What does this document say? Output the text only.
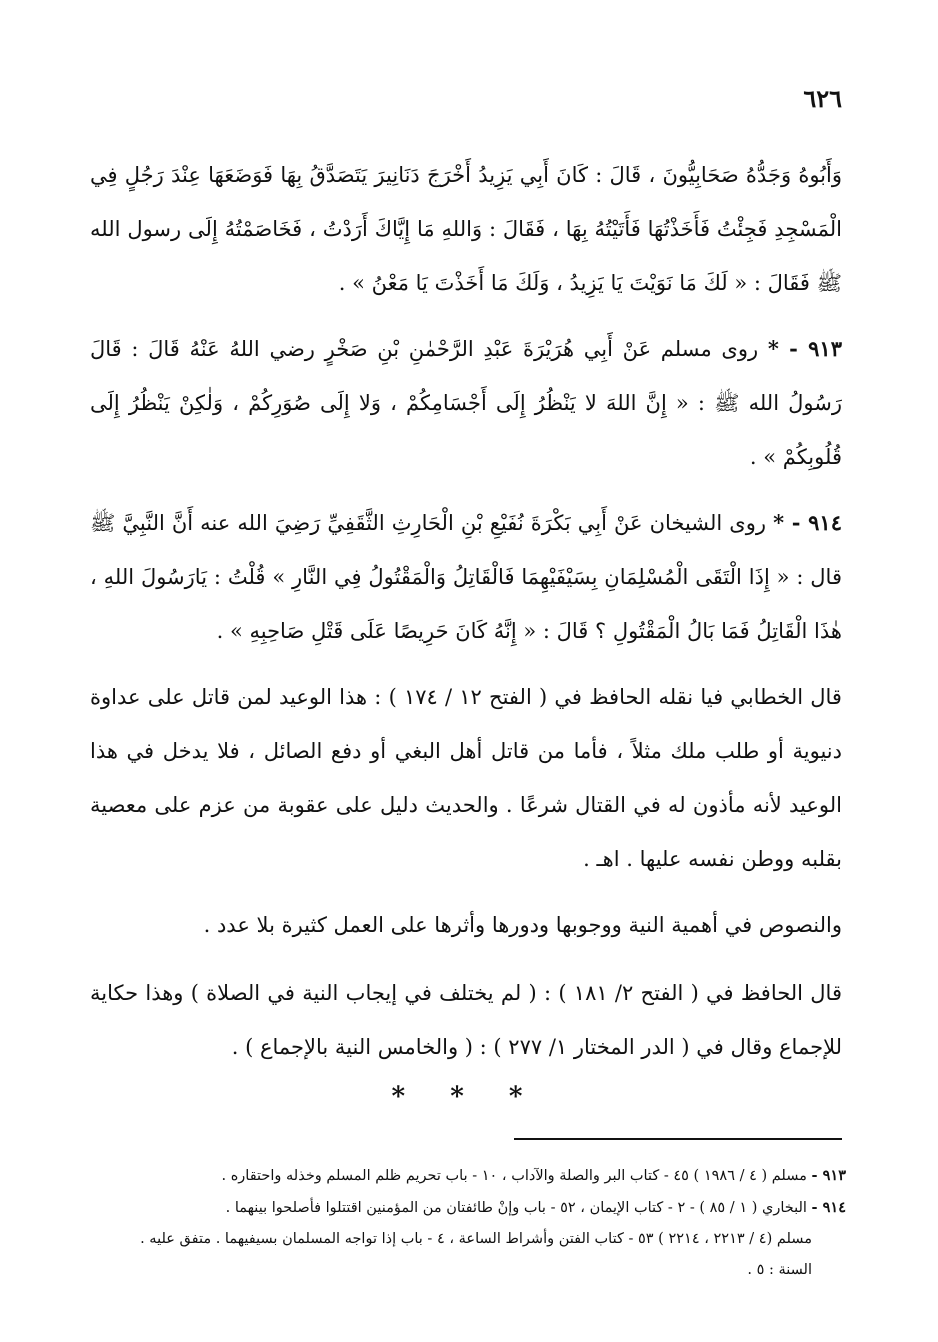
٦٢٦

وَأَبُوهُ وَجَدُّهُ صَحَابِيُّونَ ، قَالَ : كَانَ أَبِي يَزِيدُ أَخْرَجَ دَنَانِيرَ يَتَصَدَّقُ بِهَا فَوَضَعَهَا عِنْدَ رَجُلٍ فِي الْمَسْجِدِ فَجِئْتُ فَأَخَذْتُهَا فَأَتَيْتُهُ بِهَا ، فَقَالَ : وَاللهِ مَا إِيَّاكَ أَرَدْتُ ، فَخَاصَمْتُهُ إِلَى رسول الله ﷺ فَقَالَ : « لَكَ مَا نَوَيْتَ يَا يَزِيدُ ، وَلَكَ مَا أَخَذْتَ يَا مَعْنُ » .

٩١٣ - * روى مسلم عَنْ أَبِي هُرَيْرَةَ عَبْدِ الرَّحْمٰنِ بْنِ صَخْرٍ رضي اللهُ عَنْهُ قَالَ : قَالَ رَسُولُ الله ﷺ : « إِنَّ اللهَ لا يَنْظُرُ إِلَى أَجْسَامِكُمْ ، وَلا إِلَى صُوَرِكُمْ ، وَلٰكِنْ يَنْظُرُ إِلَى قُلُوبِكُمْ » .

٩١٤ - * روى الشيخان عَنْ أَبِي بَكْرَةَ نُفَيْعِ بْنِ الْحَارِثِ الثَّقَفِيِّ رَضِيَ الله عنه أَنَّ النَّبِيَّ ﷺ قال : « إِذَا الْتَقَى الْمُسْلِمَانِ بِسَيْفَيْهِمَا فَالْقَاتِلُ وَالْمَقْتُولُ فِي النَّارِ » قُلْتُ : يَارَسُولَ اللهِ ، هٰذَا الْقَاتِلُ فَمَا بَالُ الْمَقْتُولِ ؟ قَالَ : « إِنَّهُ كَانَ حَرِيصًا عَلَى قَتْلِ صَاحِبِهِ » .

قال الخطابي فيا نقله الحافظ في ( الفتح ١٢ / ١٧٤ ) : هذا الوعيد لمن قاتل على عداوة دنيوية أو طلب ملك مثلاً ، فأما من قاتل أهل البغي أو دفع الصائل ، فلا يدخل في هذا الوعيد لأنه مأذون له في القتال شرعًا . والحديث دليل على عقوبة من عزم على معصية بقلبه ووطن نفسه عليها . اهـ .

والنصوص في أهمية النية ووجوبها ودورها وأثرها على العمل كثيرة بلا عدد .

قال الحافظ في ( الفتح ٢/ ١٨١ ) : ( لم يختلف في إيجاب النية في الصلاة ) وهذا حكاية للإجماع وقال في ( الدر المختار ١/ ٢٧٧ ) : ( والخامس النية بالإجماع ) .

* * *

٩١٣ - مسلم ( ٤ / ١٩٨٦ ) ٤٥ - كتاب البر والصلة والآداب ، ١٠ - باب تحريم ظلم المسلم وخذله واحتقاره .

٩١٤ - البخاري ( ١ / ٨٥ ) - ٢ - كتاب الإيمان ، ٥٢ - باب وإنْ طائفتان من المؤمنين اقتتلوا فأصلحوا بينهما .

مسلم (٤ / ٢٢١٣ ، ٢٢١٤ ) ٥٣ - كتاب الفتن وأشراط الساعة ، ٤ - باب إذا تواجه المسلمان بسيفيهما . متفق عليه .

السنة : ٥ .
